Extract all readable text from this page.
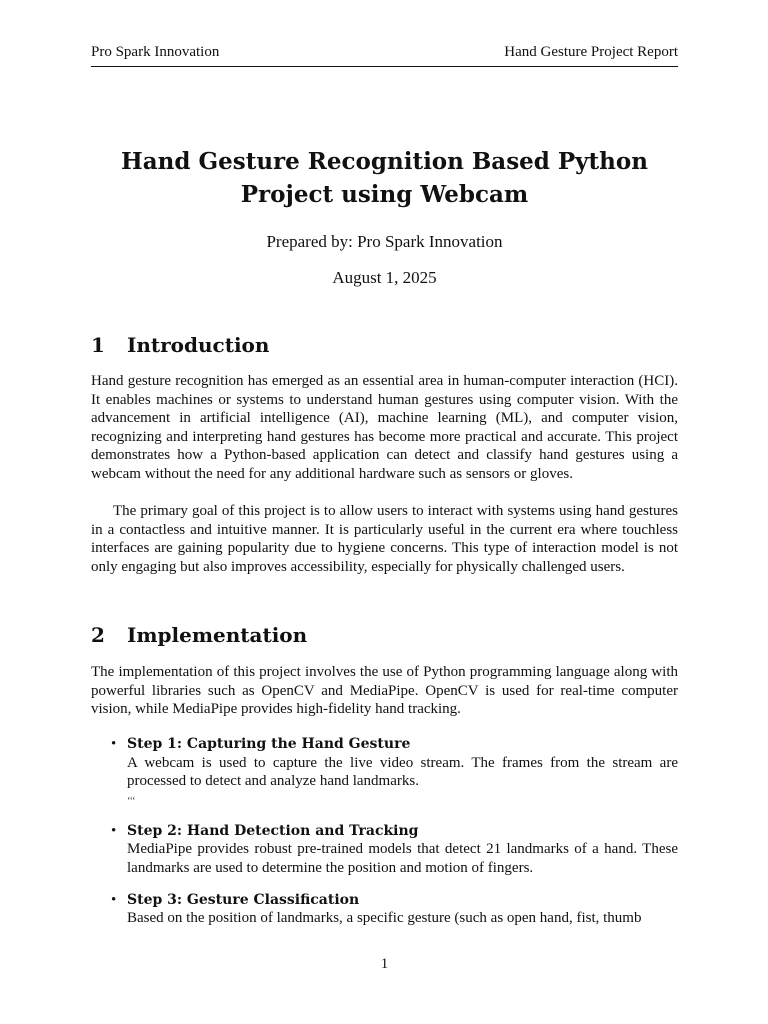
Pro Spark Innovation	Hand Gesture Project Report
Hand Gesture Recognition Based Python Project using Webcam
Prepared by: Pro Spark Innovation
August 1, 2025
1	Introduction

Hand gesture recognition has emerged as an essential area in human-computer interaction (HCI). It enables machines or systems to understand human gestures using computer vision. With the advancement in artificial intelligence (AI), machine learning (ML), and computer vision, recognizing and interpreting hand gestures has become more practical and accurate. This project demonstrates how a Python-based application can detect and classify hand gestures using a webcam without the need for any additional hardware such as sensors or gloves.

The primary goal of this project is to allow users to interact with systems using hand gestures in a contactless and intuitive manner. It is particularly useful in the current era where touchless interfaces are gaining popularity due to hygiene concerns. This type of interaction model is not only engaging but also improves accessibility, especially for physically challenged users.

2	Implementation

The implementation of this project involves the use of Python programming language along with powerful libraries such as OpenCV and MediaPipe. OpenCV is used for real-time computer vision, while MediaPipe provides high-fidelity hand tracking.

• Step 1: Capturing the Hand Gesture
A webcam is used to capture the live video stream. The frames from the stream are processed to detect and analyze hand landmarks.
‘‘‘
• Step 2: Hand Detection and Tracking
MediaPipe provides robust pre-trained models that detect 21 landmarks of a hand. These landmarks are used to determine the position and motion of fingers.
• Step 3: Gesture Classification
Based on the position of landmarks, a specific gesture (such as open hand, fist, thumb
1
